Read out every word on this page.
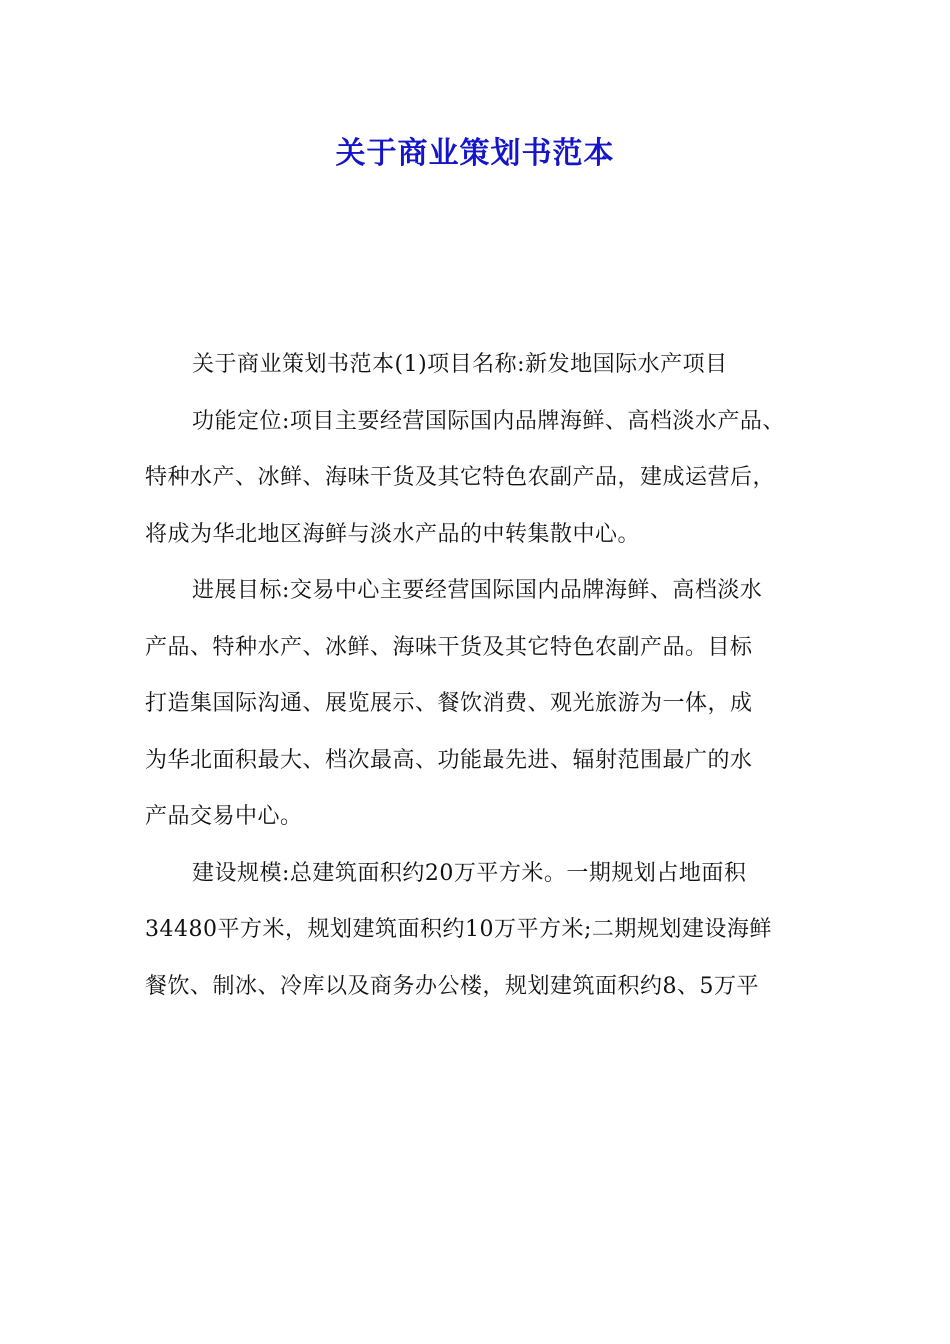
关于商业策划书范本
关于商业策划书范本(1)项目名称:新发地国际水产项目
功能定位:项目主要经营国际国内品牌海鲜、高档淡水产品、
特种水产、冰鲜、海味干货及其它特色农副产品，建成运营后，
将成为华北地区海鲜与淡水产品的中转集散中心。
进展目标:交易中心主要经营国际国内品牌海鲜、高档淡水
产品、特种水产、冰鲜、海味干货及其它特色农副产品。目标
打造集国际沟通、展览展示、餐饮消费、观光旅游为一体，成
为华北面积最大、档次最高、功能最先进、辐射范围最广的水
产品交易中心。
建设规模:总建筑面积约20万平方米。一期规划占地面积
34480平方米，规划建筑面积约10万平方米;二期规划建设海鲜
餐饮、制冰、冷库以及商务办公楼，规划建筑面积约8、5万平
